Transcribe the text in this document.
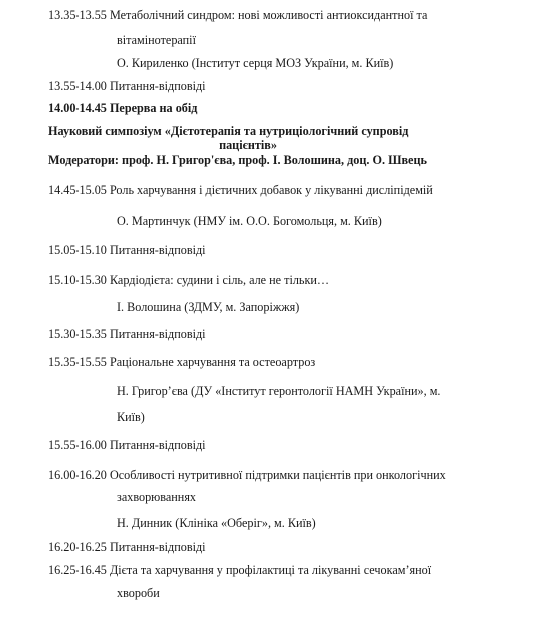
13.35-13.55 Метаболічний синдром: нові можливості антиоксидантної та
вітамінотерапії
О. Кириленко (Інститут серця МОЗ України, м. Київ)
13.55-14.00 Питання-відповіді
14.00-14.45 Перерва на обід
Науковий симпозіум «Дієтотерапія та нутриціологічний супровід
пацієнтів»
Модератори: проф. Н. Григор'єва, проф. І. Волошина, доц. О. Швець
14.45-15.05 Роль харчування і дієтичних добавок у лікуванні дисліпідемій
О. Мартинчук (НМУ ім. О.О. Богомольця, м. Київ)
15.05-15.10 Питання-відповіді
15.10-15.30 Кардіодієта: судини і сіль, але не тільки…
І. Волошина (ЗДМУ, м. Запоріжжя)
15.30-15.35 Питання-відповіді
15.35-15.55 Раціональне харчування та остеоартроз
Н. Григор’єва (ДУ «Інститут геронтології НАМН України», м.
Київ)
15.55-16.00 Питання-відповіді
16.00-16.20 Особливості нутритивної підтримки пацієнтів при онкологічних
захворюваннях
Н. Динник (Клініка «Оберіг», м. Київ)
16.20-16.25 Питання-відповіді
16.25-16.45 Дієта та харчування у профілактиці та лікуванні сечокам’яної
хвороби
